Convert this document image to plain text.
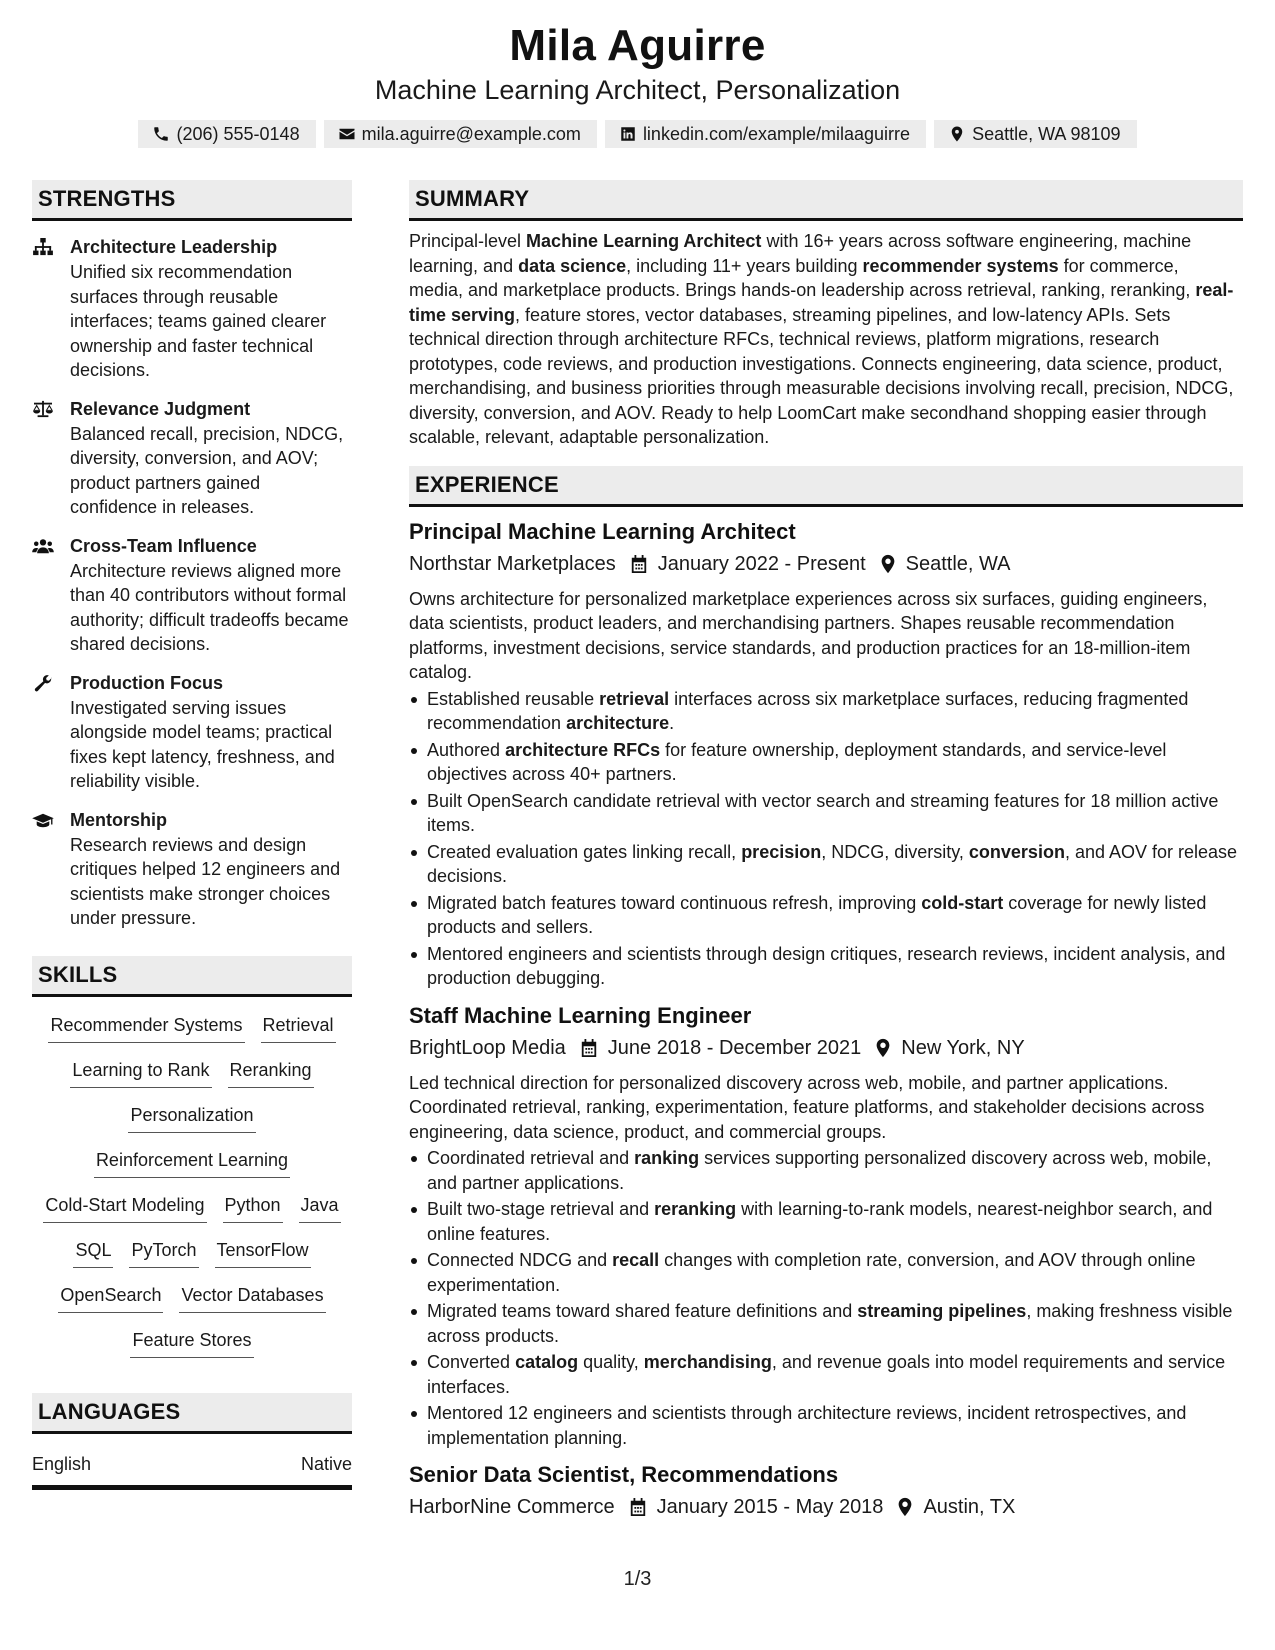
Mila Aguirre
Machine Learning Architect, Personalization
(206) 555-0148	mila.aguirre@example.com	linkedin.com/example/milaaguirre	Seattle, WA 98109
STRENGTHS
Architecture Leadership
Unified six recommendation surfaces through reusable interfaces; teams gained clearer ownership and faster technical decisions.
Relevance Judgment
Balanced recall, precision, NDCG, diversity, conversion, and AOV; product partners gained confidence in releases.
Cross-Team Influence
Architecture reviews aligned more than 40 contributors without formal authority; difficult tradeoffs became shared decisions.
Production Focus
Investigated serving issues alongside model teams; practical fixes kept latency, freshness, and reliability visible.
Mentorship
Research reviews and design critiques helped 12 engineers and scientists make stronger choices under pressure.
SKILLS
Recommender Systems Retrieval
Learning to Rank Reranking
Personalization
Reinforcement Learning
Cold-Start Modeling Python Java
SQL PyTorch TensorFlow
OpenSearch Vector Databases
Feature Stores
LANGUAGES
English	Native
SUMMARY
Principal-level Machine Learning Architect with 16+ years across software engineering, machine learning, and data science, including 11+ years building recommender systems for commerce, media, and marketplace products. Brings hands-on leadership across retrieval, ranking, reranking, real-time serving, feature stores, vector databases, streaming pipelines, and low-latency APIs. Sets technical direction through architecture RFCs, technical reviews, platform migrations, research prototypes, code reviews, and production investigations. Connects engineering, data science, product, merchandising, and business priorities through measurable decisions involving recall, precision, NDCG, diversity, conversion, and AOV. Ready to help LoomCart make secondhand shopping easier through scalable, relevant, adaptable personalization.
EXPERIENCE
Principal Machine Learning Architect
Northstar Marketplaces January 2022 - Present Seattle, WA
Owns architecture for personalized marketplace experiences across six surfaces, guiding engineers, data scientists, product leaders, and merchandising partners. Shapes reusable recommendation platforms, investment decisions, service standards, and production practices for an 18-million-item catalog.
Established reusable retrieval interfaces across six marketplace surfaces, reducing fragmented recommendation architecture.
Authored architecture RFCs for feature ownership, deployment standards, and service-level objectives across 40+ partners.
Built OpenSearch candidate retrieval with vector search and streaming features for 18 million active items.
Created evaluation gates linking recall, precision, NDCG, diversity, conversion, and AOV for release decisions.
Migrated batch features toward continuous refresh, improving cold-start coverage for newly listed products and sellers.
Mentored engineers and scientists through design critiques, research reviews, incident analysis, and production debugging.
Staff Machine Learning Engineer
BrightLoop Media June 2018 - December 2021 New York, NY
Led technical direction for personalized discovery across web, mobile, and partner applications. Coordinated retrieval, ranking, experimentation, feature platforms, and stakeholder decisions across engineering, data science, product, and commercial groups.
Coordinated retrieval and ranking services supporting personalized discovery across web, mobile, and partner applications.
Built two-stage retrieval and reranking with learning-to-rank models, nearest-neighbor search, and online features.
Connected NDCG and recall changes with completion rate, conversion, and AOV through online experimentation.
Migrated teams toward shared feature definitions and streaming pipelines, making freshness visible across products.
Converted catalog quality, merchandising, and revenue goals into model requirements and service interfaces.
Mentored 12 engineers and scientists through architecture reviews, incident retrospectives, and implementation planning.
Senior Data Scientist, Recommendations
HarborNine Commerce January 2015 - May 2018 Austin, TX
1/3
